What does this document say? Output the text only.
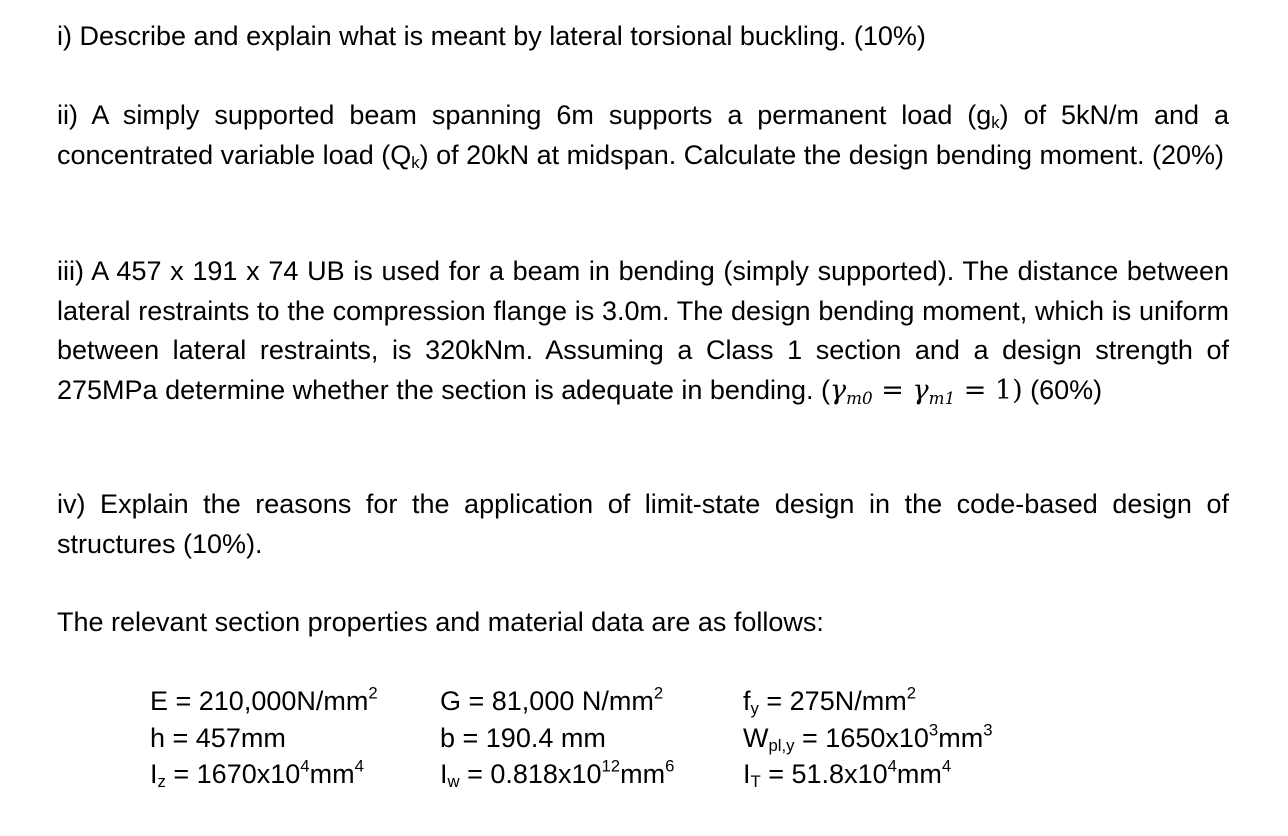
i) Describe and explain what is meant by lateral torsional buckling. (10%)

ii) A simply supported beam spanning 6m supports a permanent load $(g_k)$ of 5kN/m and a concentrated variable load $(Q_k)$ of 20kN at midspan. Calculate the design bending moment. (20%)

iii) A 457 x 191 x 74 UB is used for a beam in bending (simply supported). The distance between lateral restraints to the compression flange is 3.0m. The design bending moment, which is uniform between lateral restraints, is 320kNm. Assuming a Class 1 section and a design strength of 275MPa determine whether the section is adequate in bending. (γm0 = γm1 = 1) (60%)

iv) Explain the reasons for the application of limit-state design in the code-based design of structures (10%).

The relevant section properties and material data are as follows:

$E = 210,000N/mm^2$	G = 81,000 $N/mm^2$	$f_y = 275N/mm^2$
h = 457mm	b = 190.4 mm	$W_{pl,y} = 1650x10^3mm^3$
$I_z = 1670x10^4mm^4$	$I_w = 0.818x10^{12}mm^6$	$I_T = 51.8x10^4mm^4$
